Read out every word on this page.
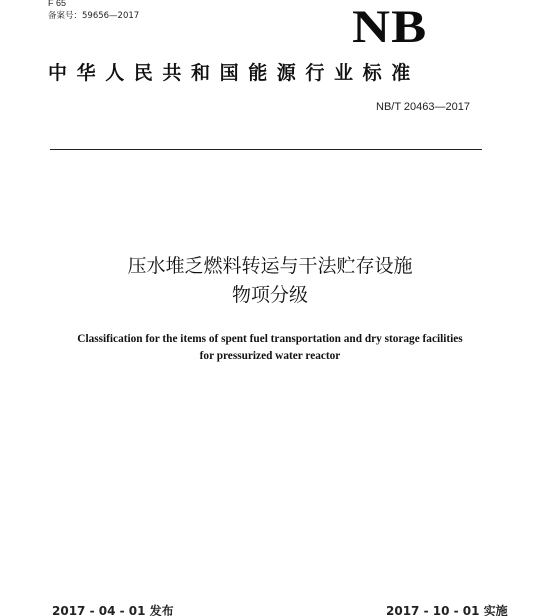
F 65
备案号：59656—2017	NB
中华人民共和国能源行业标准
NB/T 20463—2017
压水堆乏燃料转运与干法贮存设施
物项分级
Classification for the items of spent fuel transportation and dry storage facilities
for pressurized water reactor
2017 - 04 - 01 发布	2017 - 10 - 01 实施
